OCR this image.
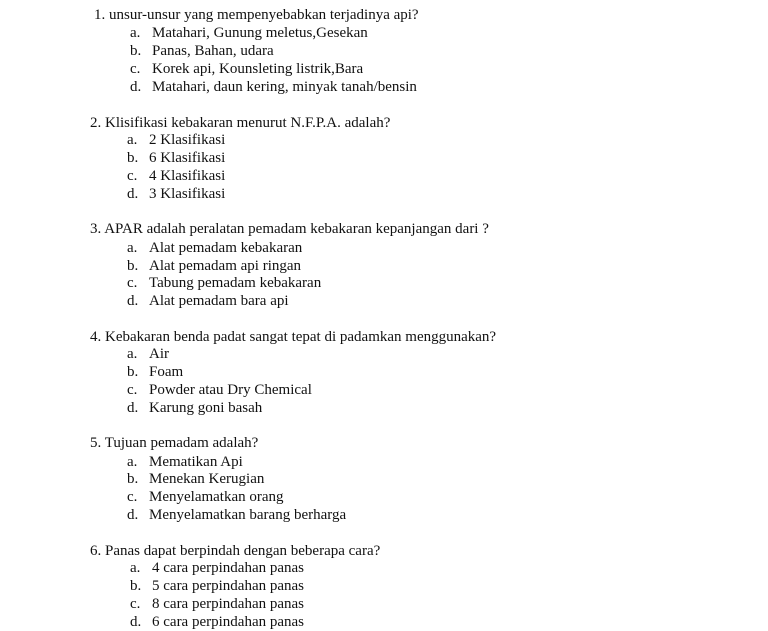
1. unsur-unsur yang mempenyebabkan terjadinya api?
a. Matahari, Gunung meletus,Gesekan
b. Panas, Bahan, udara
c. Korek api, Kounsleting listrik,Bara
d. Matahari, daun kering, minyak tanah/bensin
2. Klisifikasi kebakaran menurut N.F.P.A. adalah?
a. 2 Klasifikasi
b. 6 Klasifikasi
c. 4 Klasifikasi
d. 3 Klasifikasi
3. APAR adalah peralatan pemadam kebakaran kepanjangan dari ?
a. Alat pemadam kebakaran
b. Alat pemadam api ringan
c. Tabung pemadam kebakaran
d. Alat pemadam bara api
4. Kebakaran benda padat sangat tepat di padamkan menggunakan?
a. Air
b. Foam
c. Powder atau Dry Chemical
d. Karung goni basah
5. Tujuan pemadam adalah?
a. Mematikan Api
b. Menekan Kerugian
c. Menyelamatkan orang
d. Menyelamatkan barang berharga
6. Panas dapat berpindah dengan beberapa cara?
a. 4 cara perpindahan panas
b. 5 cara perpindahan panas
c. 8 cara perpindahan panas
d. 6 cara perpindahan panas
